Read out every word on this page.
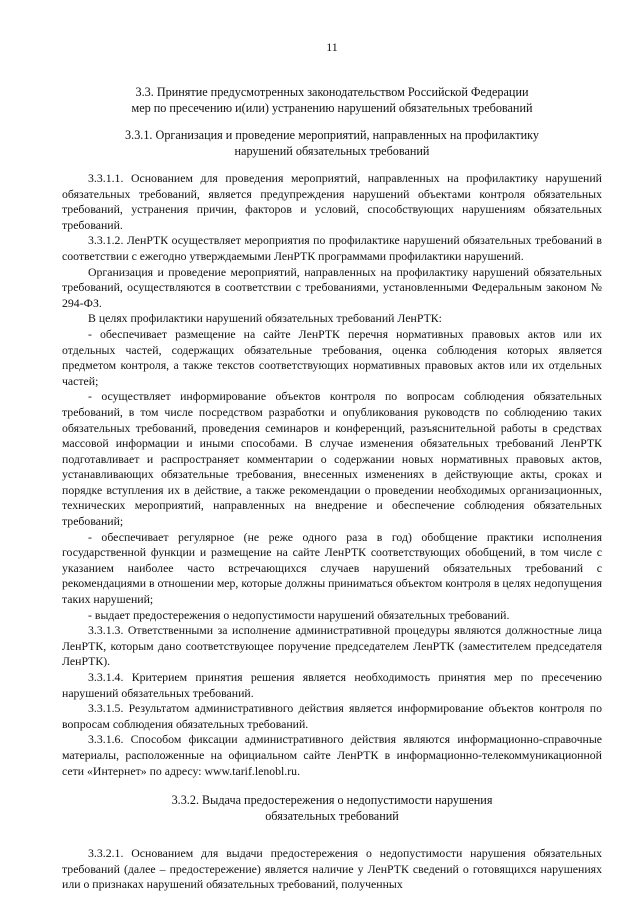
11
3.3. Принятие предусмотренных законодательством Российской Федерации
мер по пресечению и(или) устранению нарушений обязательных требований
3.3.1. Организация и проведение мероприятий, направленных на профилактику
нарушений обязательных требований

3.3.1.1. Основанием для проведения мероприятий, направленных на профилактику нарушений обязательных требований, является предупреждения нарушений объектами контроля обязательных требований, устранения причин, факторов и условий, способствующих нарушениям обязательных требований.

3.3.1.2. ЛенРТК осуществляет мероприятия по профилактике нарушений обязательных требований в соответствии с ежегодно утверждаемыми ЛенРТК программами профилактики нарушений.

Организация и проведение мероприятий, направленных на профилактику нарушений обязательных требований, осуществляются в соответствии с требованиями, установленными Федеральным законом № 294-ФЗ.

В целях профилактики нарушений обязательных требований ЛенРТК:

- обеспечивает размещение на сайте ЛенРТК перечня нормативных правовых актов или их отдельных частей, содержащих обязательные требования, оценка соблюдения которых является предметом контроля, а также текстов соответствующих нормативных правовых актов или их отдельных частей;

- осуществляет информирование объектов контроля по вопросам соблюдения обязательных требований, в том числе посредством разработки и опубликования руководств по соблюдению таких обязательных требований, проведения семинаров и конференций, разъяснительной работы в средствах массовой информации и иными способами. В случае изменения обязательных требований ЛенРТК подготавливает и распространяет комментарии о содержании новых нормативных правовых актов, устанавливающих обязательные требования, внесенных изменениях в действующие акты, сроках и порядке вступления их в действие, а также рекомендации о проведении необходимых организационных, технических мероприятий, направленных на внедрение и обеспечение соблюдения обязательных требований;

- обеспечивает регулярное (не реже одного раза в год) обобщение практики исполнения государственной функции и размещение на сайте ЛенРТК соответствующих обобщений, в том числе с указанием наиболее часто встречающихся случаев нарушений обязательных требований с рекомендациями в отношении мер, которые должны приниматься объектом контроля в целях недопущения таких нарушений;

- выдает предостережения о недопустимости нарушений обязательных требований.

3.3.1.3. Ответственными за исполнение административной процедуры являются должностные лица ЛенРТК, которым дано соответствующее поручение председателем ЛенРТК (заместителем председателя ЛенРТК).

3.3.1.4. Критерием принятия решения является необходимость принятия мер по пресечению нарушений обязательных требований.

3.3.1.5. Результатом административного действия является информирование объектов контроля по вопросам соблюдения обязательных требований.

3.3.1.6. Способом фиксации административного действия являются информационно-справочные материалы, расположенные на официальном сайте ЛенРТК в информационно-телекоммуникационной сети «Интернет» по адресу: www.tarif.lenobl.ru.

3.3.2. Выдача предостережения о недопустимости нарушения
обязательных требований

3.3.2.1. Основанием для выдачи предостережения о недопустимости нарушения обязательных требований (далее – предостережение) является наличие у ЛенРТК сведений о готовящихся нарушениях или о признаках нарушений обязательных требований, полученных
